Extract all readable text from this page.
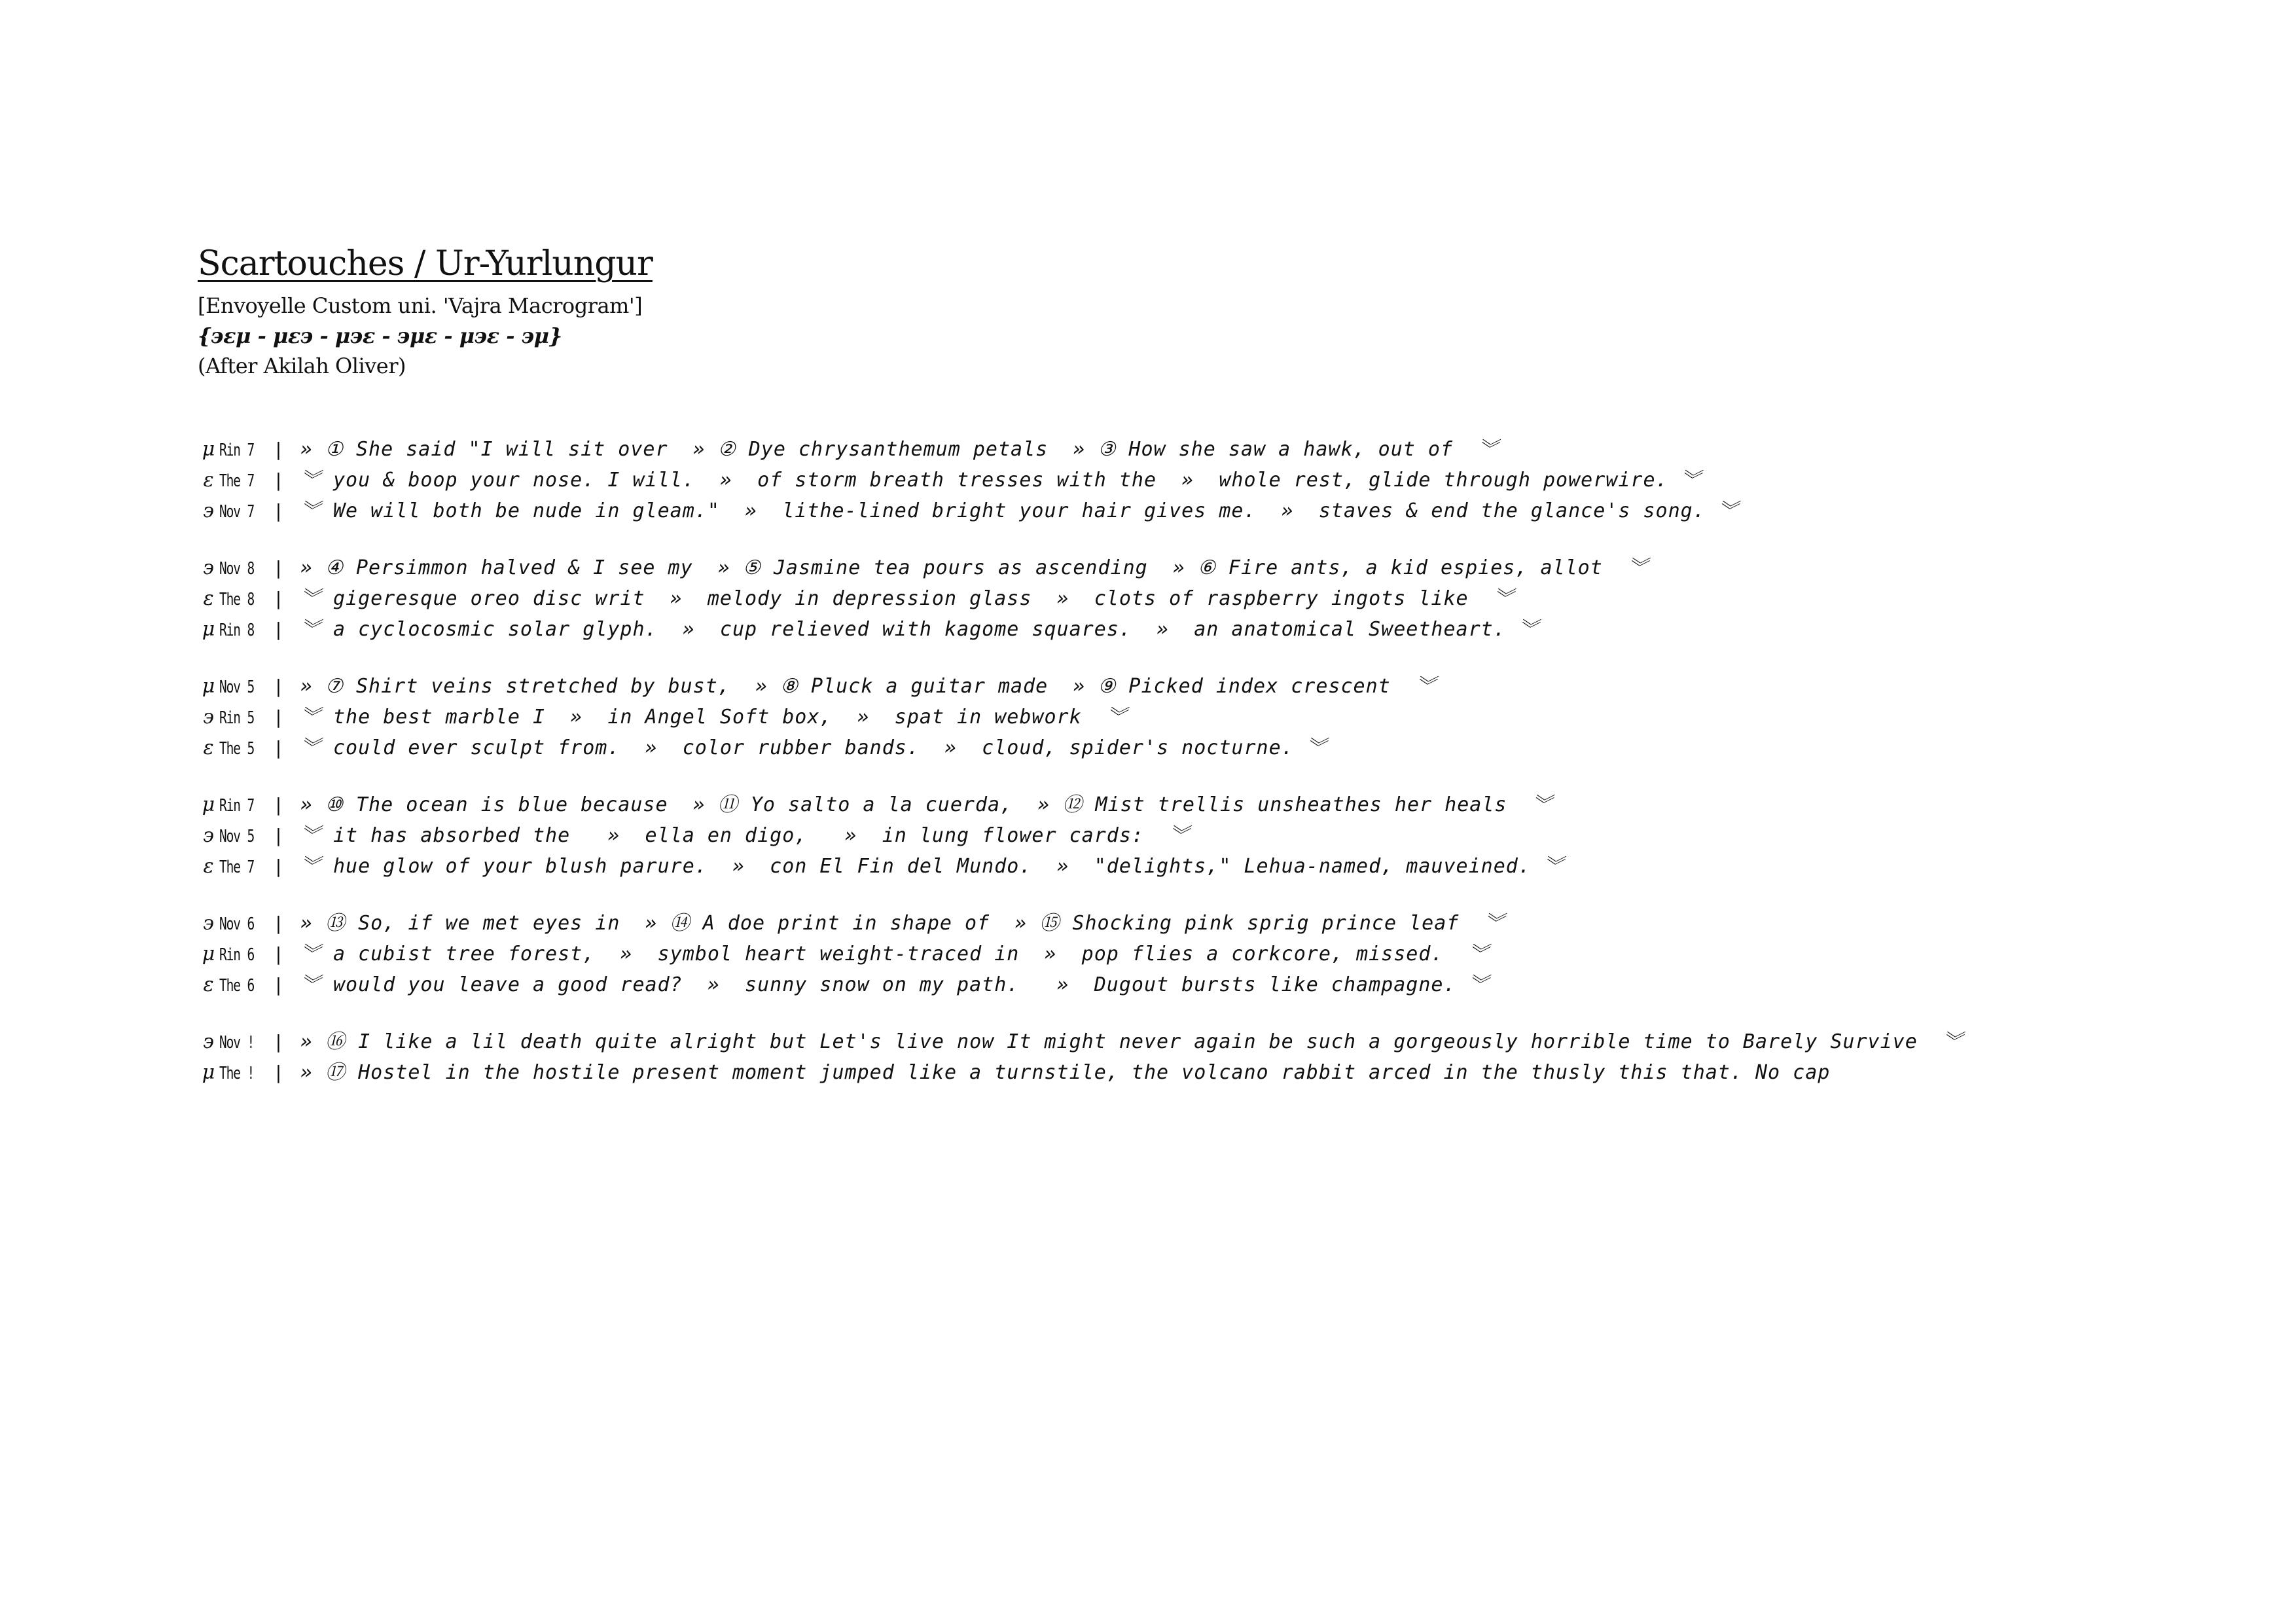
Scartouches / Ur-Yurlungur
[Envoyelle Custom uni. 'Vajra Macrogram']
{϶εμ - με϶ - μ϶ε - ϶με - μ϶ε - ϶μ}
(After Akilah Oliver)
μ Rin 7 | » ① She said "I will sit over  » ② Dye chrysanthemum petals  » ③ How she saw a hawk, out of  ︾
ε The 7 | ︾ you & boop your nose. I will.  »  of storm breath tresses with the  »  whole rest, glide through powerwire. ︾
϶ Nov 7 | ︾ We will both be nude in gleam."  »  lithe-lined bright your hair gives me.  »  staves & end the glance's song. ︾
϶ Nov 8 | » ④ Persimmon halved & I see my  » ⑤ Jasmine tea pours as ascending  » ⑥ Fire ants, a kid espies, allot  ︾
ε The 8 | ︾ gigeresque oreo disc writ  »  melody in depression glass  »  clots of raspberry ingots like  ︾
μ Rin 8 | ︾ a cyclocosmic solar glyph.  »  cup relieved with kagome squares.  »  an anatomical Sweetheart. ︾
μ Nov 5 | » ⑦ Shirt veins stretched by bust,  » ⑧ Pluck a guitar made  » ⑨ Picked index crescent  ︾
϶ Rin 5 | ︾ the best marble I  »  in Angel Soft box,  »  spat in webwork  ︾
ε The 5 | ︾ could ever sculpt from.  »  color rubber bands.  »  cloud, spider's nocturne. ︾
μ Rin 7 | » ⑩ The ocean is blue because  » ⑪ Yo salto a la cuerda,  » ⑫ Mist trellis unsheathes her heals  ︾
϶ Nov 5 | ︾ it has absorbed the   »  ella en digo,   »  in lung flower cards:  ︾
ε The 7 | ︾ hue glow of your blush parure.  »  con El Fin del Mundo.  »  "delights," Lehua-named, mauveined. ︾
϶ Nov 6 | » ⑬ So, if we met eyes in  » ⑭ A doe print in shape of  » ⑮ Shocking pink sprig prince leaf  ︾
μ Rin 6 | ︾ a cubist tree forest,  »  symbol heart weight-traced in  »  pop flies a corkcore, missed.  ︾
ε The 6 | ︾ would you leave a good read?  »  sunny snow on my path.   »  Dugout bursts like champagne. ︾
϶ Nov ! | » ⑯ I like a lil death quite alright but Let's live now It might never again be such a gorgeously horrible time to Barely Survive  ︾
μ The ! | » ⑰ Hostel in the hostile present moment jumped like a turnstile, the volcano rabbit arced in the thusly this that. No cap
